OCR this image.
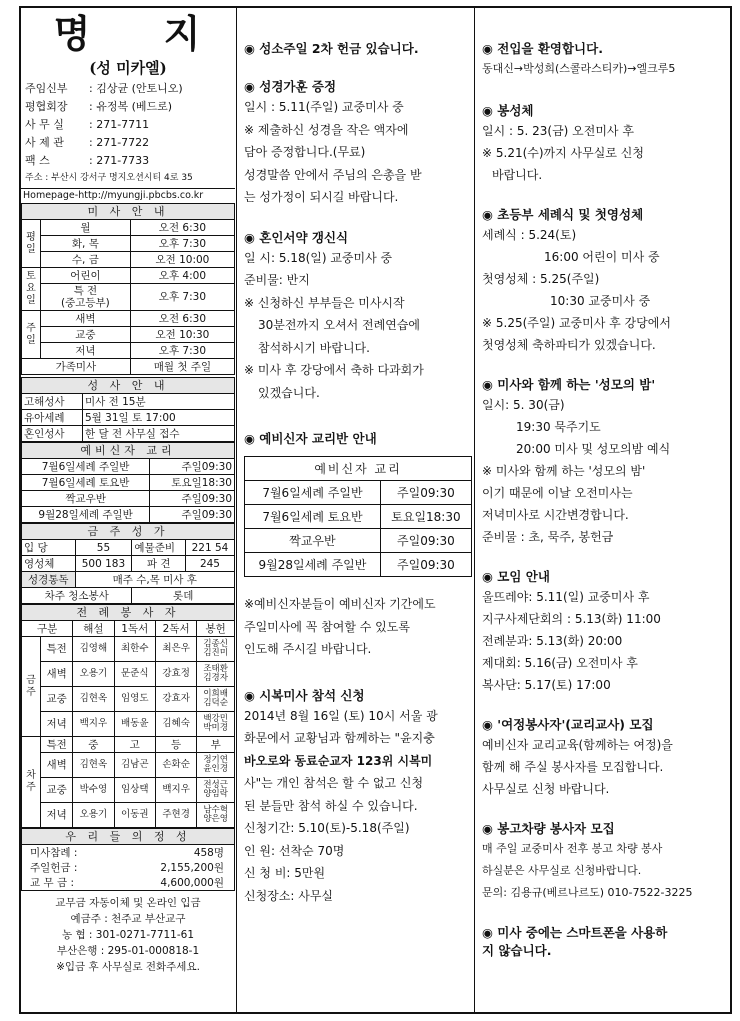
명 지
(성 미카엘)
주임신부 : 김상균 (안토니오)
평협회장 : 유정복 (베드로)
사 무 실 : 271-7711
사 제 관 : 271-7722
팩 스	: 271-7733
주소 : 부산시 강서구 명지오션시티 4로 35
Homepage-http://myungji.pbcbs.co.kr
미 사 안 내		
평일	월	오전 6:30
	화, 목	오후 7:30
	수, 금	오전 10:00
토요일	어린이	오후 4:00
	특 전
(중고등부)	오후 7:30
주일	새벽	오전 6:30
	교중	오전 10:30
	저녁	오후 7:30
가족미사		매월 첫 주일
성 사 안 내	
고해성사	미사 전 15분
유아세례	5월 31일 토 17:00
혼인성사	한 달 전 사무실 접수
예비신자 교리	
7월6일세례 주일반	주일09:30
7월6일세례 토요반	토요일18:30
짝교우반	주일09:30
9월28일세례 주일반	주일09:30
금 주 성 가			
입 당	55	예물준비	221 54
영성체	500 183	파 견	245
성경통독	매주 수,목 미사 후		
차주 청소봉사		롯데	
전 례 봉 사 자					
구분		해설	1독서	2독서	봉헌
금주	특전	김영해	최한수	최은우	김종신
김진미
	새벽	오용기	문준식	강효정	조태환
김경자
	교중	김현옥	임영도	강효자	이희배
김덕순
	저녁	백지우	배동윤	김혜숙	백강민
박미경
차주	특전	중	고	등	부
	새벽	김현옥	김남곤	손화순	정기연
윤인경
	교중	박수영	임상택	백지우	전성근
양임락
	저녁	오용기	이동권	주현경	남수혁
양은영
우 리 들 의 정 성	
미사참례 :	458명
주일헌금 :	2,155,200원
교 무 금 :	4,600,000원
교무금 자동이체 및 온라인 입금
예금주 : 천주교 부산교구
농 협 : 301-0271-7711-61
부산은행 : 295-01-000818-1
※입금 후 사무실로 전화주세요.
◉ 성소주일 2차 헌금 있습니다.
◉ 성경가훈 증정
일시 : 5.11(주일) 교중미사 중
※ 제출하신 성경을 작은 액자에
담아 증정합니다.(무료)
성경말씀 안에서 주님의 은총을 받
는 성가정이 되시길 바랍니다.
◉ 혼인서약 갱신식
일 시: 5.18(일) 교중미사 중
준비물: 반지
※ 신청하신 부부들은 미사시작
30분전까지 오셔서 전례연습에
참석하시기 바랍니다.
※ 미사 후 강당에서 축하 다과회가
있겠습니다.
◉ 예비신자 교리반 안내
예비신자 교리	
7월6일세례 주일반	주일09:30
7월6일세례 토요반	토요일18:30
짝교우반	주일09:30
9월28일세례 주일반	주일09:30
※예비신자분들이 예비신자 기간에도
주일미사에 꼭 참여할 수 있도록
인도해 주시길 바랍니다.
◉ 시복미사 참석 신청
2014년 8월 16일 (토) 10시 서울 광
화문에서 교황님과 함께하는 "윤지충
바오로와 동료순교자 123위 시복미
사"는 개인 참석은 할 수 없고 신청
된 분들만 참석 하실 수 있습니다.
신청기간: 5.10(토)-5.18(주일)
인 원: 선착순 70명
신 청 비: 5만원
신청장소: 사무실
◉ 전입을 환영합니다.
동대신→박성희(스콜라스티카)→엘크루5
◉ 봉성체
일시 : 5. 23(금) 오전미사 후
※ 5.21(수)까지 사무실로 신청
바랍니다.
◉ 초등부 세례식 및 첫영성체
세례식 : 5.24(토)
16:00 어린이 미사 중
첫영성체 : 5.25(주일)
10:30 교중미사 중
※ 5.25(주일) 교중미사 후 강당에서
첫영성체 축하파티가 있겠습니다.
◉ 미사와 함께 하는 '성모의 밤'
일시: 5. 30(금)
19:30 묵주기도
20:00 미사 및 성모의밤 예식
※ 미사와 함께 하는 '성모의 밤'
이기 때문에 이날 오전미사는
저녁미사로 시간변경합니다.
준비물 : 초, 묵주, 봉헌금
◉ 모임 안내
울뜨레야: 5.11(일) 교중미사 후
지구사제단회의 : 5.13(화) 11:00
전례분과: 5.13(화) 20:00
제대회: 5.16(금) 오전미사 후
복사단: 5.17(토) 17:00
◉ '여정봉사자'(교리교사) 모집
예비신자 교리교육(함께하는 여정)을
함께 해 주실 봉사자를 모집합니다.
사무실로 신청 바랍니다.
◉ 봉고차량 봉사자 모집
매 주일 교중미사 전후 봉고 차량 봉사
하실분은 사무실로 신청바랍니다.
문의: 김용규(베르나르도) 010-7522-3225
◉ 미사 중에는 스마트폰을 사용하
지 않습니다.
